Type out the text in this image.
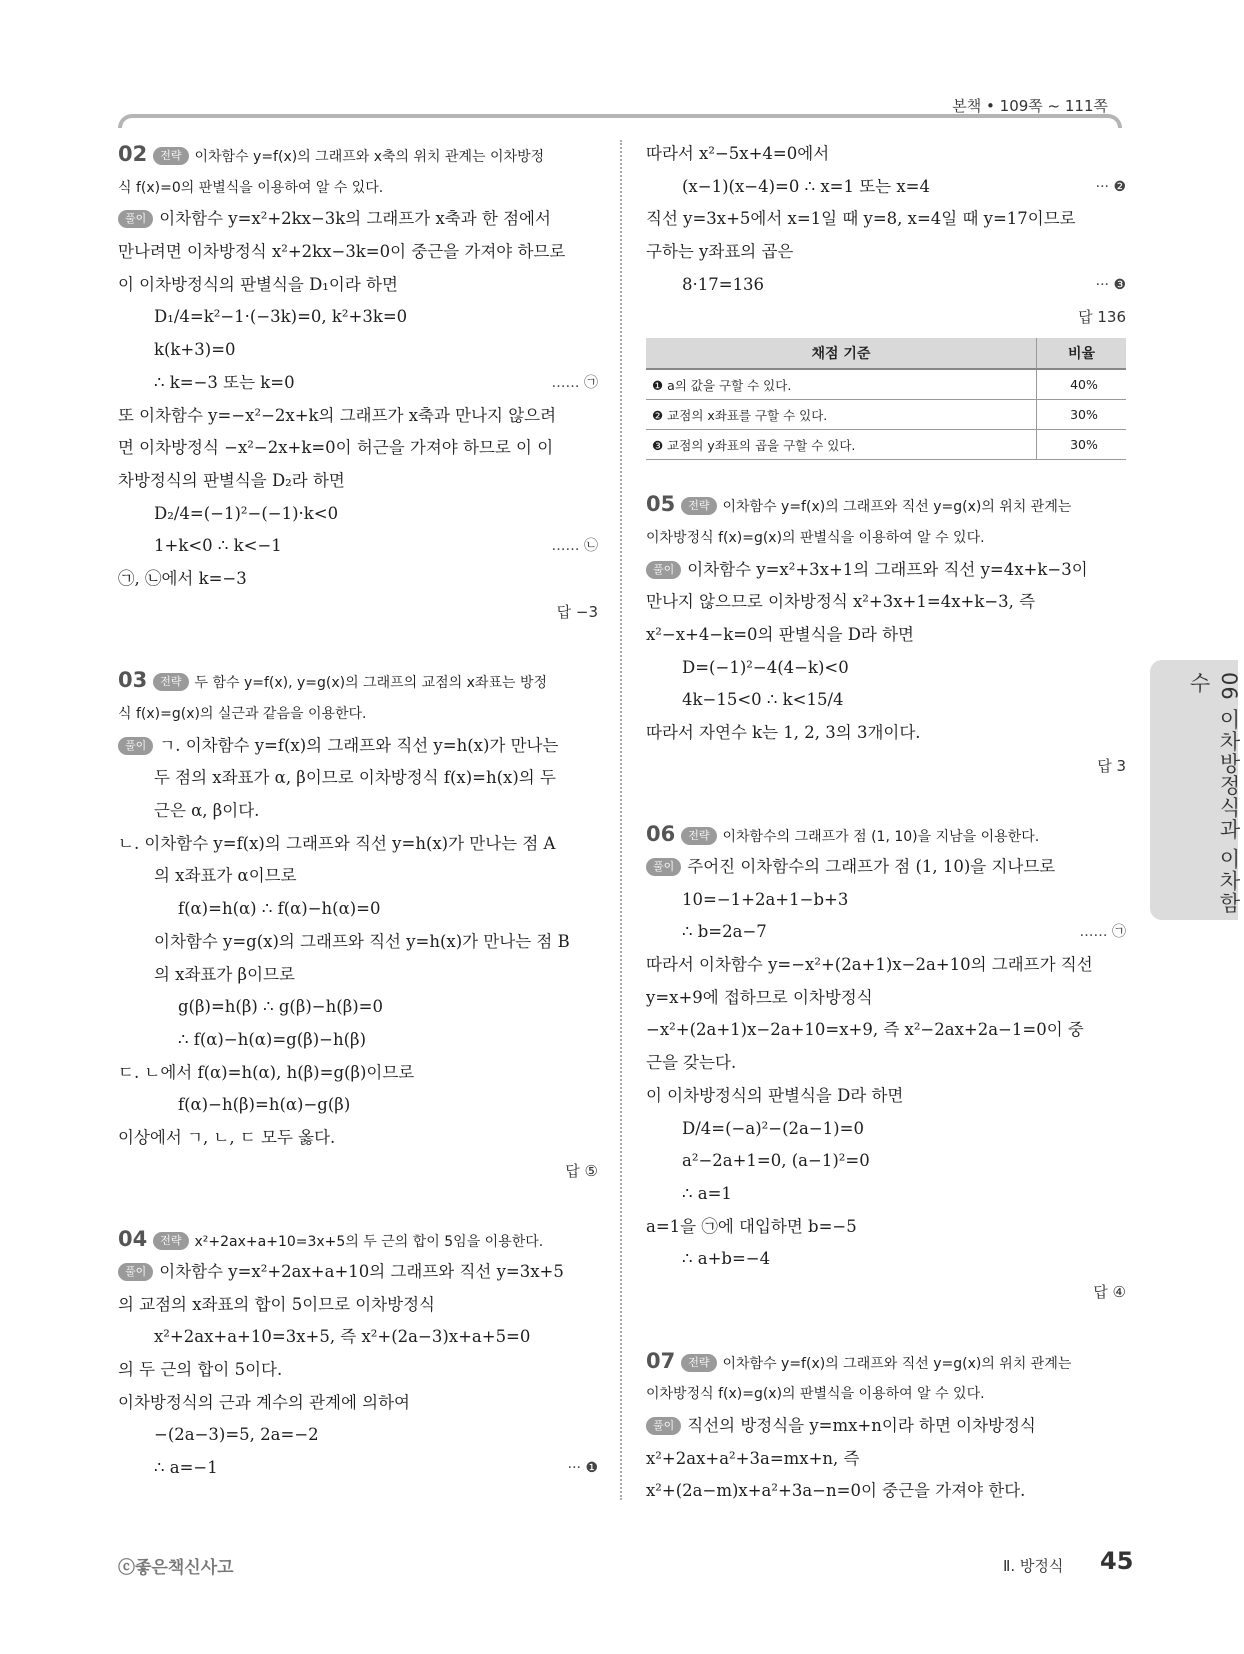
본책 • 109쪽 ~ 111쪽
02 전략 이차함수 y=f(x)의 그래프와 x축의 위치 관계는 이차방정
식 f(x)=0의 판별식을 이용하여 알 수 있다.
풀이 이차함수 y=x²+2kx−3k의 그래프가 x축과 한 점에서
만나려면 이차방정식 x²+2kx−3k=0이 중근을 가져야 하므로
이 이차방정식의 판별식을 D₁이라 하면
D₁/4=k²−1·(−3k)=0, k²+3k=0
k(k+3)=0
∴ k=−3 또는 k=0	…… ㉠
또 이차함수 y=−x²−2x+k의 그래프가 x축과 만나지 않으려
면 이차방정식 −x²−2x+k=0이 허근을 가져야 하므로 이 이
차방정식의 판별식을 D₂라 하면
D₂/4=(−1)²−(−1)·k<0
1+k<0 ∴ k<−1	…… ㉡
㉠, ㉡에서 k=−3
답 −3
03 전략 두 함수 y=f(x), y=g(x)의 그래프의 교점의 x좌표는 방정
식 f(x)=g(x)의 실근과 같음을 이용한다.
풀이 ㄱ. 이차함수 y=f(x)의 그래프와 직선 y=h(x)가 만나는
두 점의 x좌표가 α, β이므로 이차방정식 f(x)=h(x)의 두
근은 α, β이다.
ㄴ. 이차함수 y=f(x)의 그래프와 직선 y=h(x)가 만나는 점 A
의 x좌표가 α이므로
f(α)=h(α) ∴ f(α)−h(α)=0
이차함수 y=g(x)의 그래프와 직선 y=h(x)가 만나는 점 B
의 x좌표가 β이므로
g(β)=h(β) ∴ g(β)−h(β)=0
∴ f(α)−h(α)=g(β)−h(β)
ㄷ. ㄴ에서 f(α)=h(α), h(β)=g(β)이므로
f(α)−h(β)=h(α)−g(β)
이상에서 ㄱ, ㄴ, ㄷ 모두 옳다.
답 ⑤
04 전략 x²+2ax+a+10=3x+5의 두 근의 합이 5임을 이용한다.
풀이 이차함수 y=x²+2ax+a+10의 그래프와 직선 y=3x+5
의 교점의 x좌표의 합이 5이므로 이차방정식
x²+2ax+a+10=3x+5, 즉 x²+(2a−3)x+a+5=0
의 두 근의 합이 5이다.
이차방정식의 근과 계수의 관계에 의하여
−(2a−3)=5, 2a=−2
∴ a=−1	··· ❶
따라서 x²−5x+4=0에서
(x−1)(x−4)=0 ∴ x=1 또는 x=4	··· ❷
직선 y=3x+5에서 x=1일 때 y=8, x=4일 때 y=17이므로
구하는 y좌표의 곱은
8·17=136	··· ❸
답 136
채점 기준	비율
❶ a의 값을 구할 수 있다.	40%
❷ 교점의 x좌표를 구할 수 있다.	30%
❸ 교점의 y좌표의 곱을 구할 수 있다.	30%
05 전략 이차함수 y=f(x)의 그래프와 직선 y=g(x)의 위치 관계는
이차방정식 f(x)=g(x)의 판별식을 이용하여 알 수 있다.
풀이 이차함수 y=x²+3x+1의 그래프와 직선 y=4x+k−3이
만나지 않으므로 이차방정식 x²+3x+1=4x+k−3, 즉
x²−x+4−k=0의 판별식을 D라 하면
D=(−1)²−4(4−k)<0
4k−15<0 ∴ k<15/4
따라서 자연수 k는 1, 2, 3의 3개이다.
답 3
06 전략 이차함수의 그래프가 점 (1, 10)을 지남을 이용한다.
풀이 주어진 이차함수의 그래프가 점 (1, 10)을 지나므로
10=−1+2a+1−b+3
∴ b=2a−7	…… ㉠
따라서 이차함수 y=−x²+(2a+1)x−2a+10의 그래프가 직선
y=x+9에 접하므로 이차방정식
−x²+(2a+1)x−2a+10=x+9, 즉 x²−2ax+2a−1=0이 중
근을 갖는다.
이 이차방정식의 판별식을 D라 하면
D/4=(−a)²−(2a−1)=0
a²−2a+1=0, (a−1)²=0
∴ a=1
a=1을 ㉠에 대입하면 b=−5
∴ a+b=−4
답 ④
07 전략 이차함수 y=f(x)의 그래프와 직선 y=g(x)의 위치 관계는
이차방정식 f(x)=g(x)의 판별식을 이용하여 알 수 있다.
풀이 직선의 방정식을 y=mx+n이라 하면 이차방정식
x²+2ax+a²+3a=mx+n, 즉
x²+(2a−m)x+a²+3a−n=0이 중근을 가져야 한다.
06 이차방정식과 이차함수
ⓒ좋은책신사고	Ⅱ. 방정식 45
